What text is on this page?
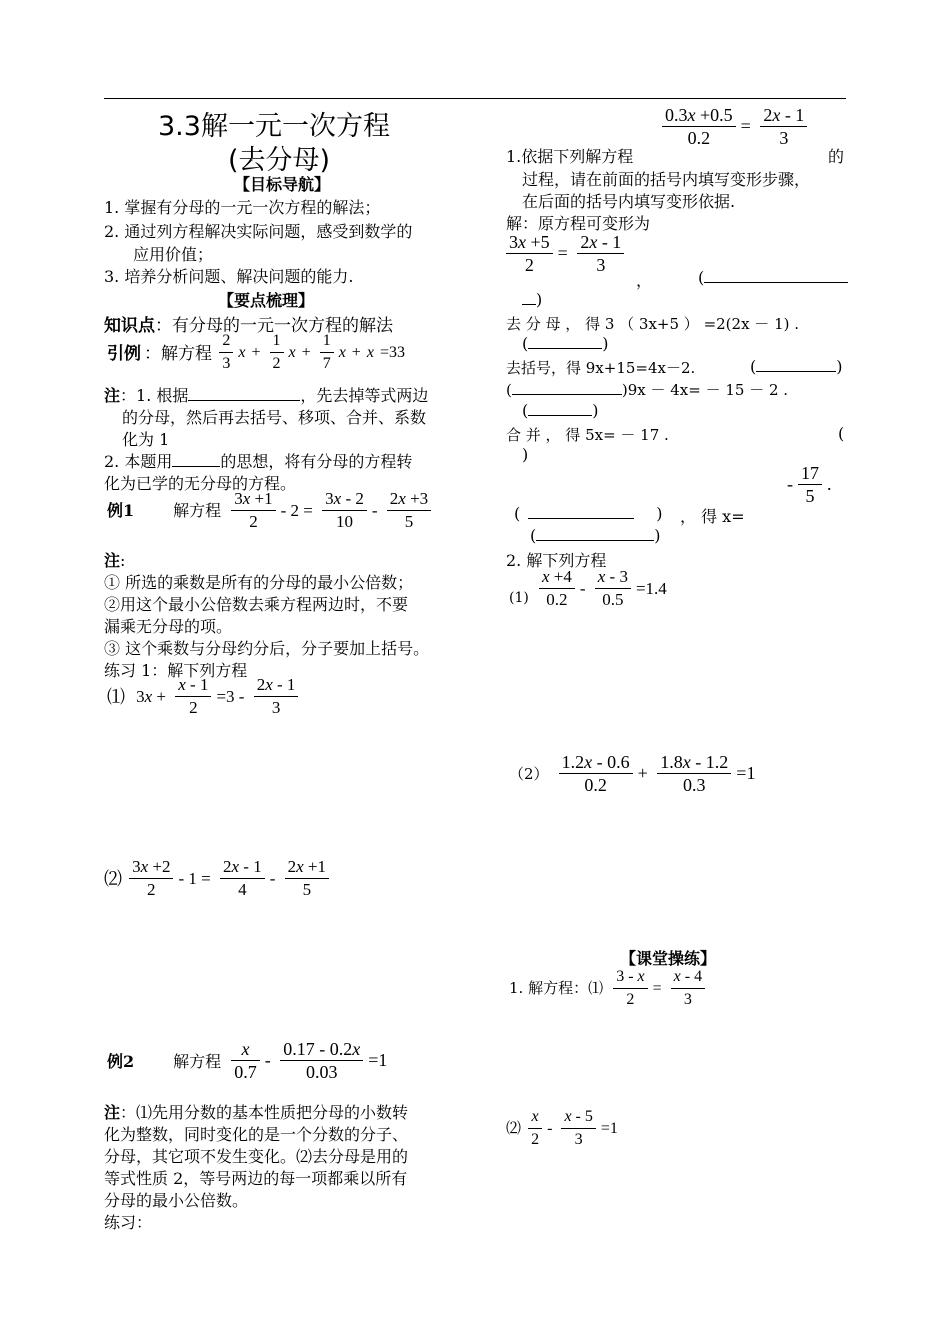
3.3解一元一次方程
(去分母)
【目标导航】
1. 掌握有分母的一元一次方程的解法；
2. 通过列方程解决实际问题，感受到数学的
应用价值；
3. 培养分析问题、解决问题的能力.
【要点梳理】
知识点：有分母的一元一次方程的解法
引例 ：解方程 $\frac{2}{3}$ $x + \frac{1}{2}$ $x + \frac{1}{7}$ x + x =33
注：1. 根据	，先去掉等式两边
的分母，然后再去括号、移项、合并、系数
化为 1
2. 本题用	的思想，将有分母的方程转
化为已学的无分母的方程。
例1 解方程 $\frac{3x +1}{2} - 2 = \frac{3x - 2}{10} - \frac{2x +3}{5}$
注:
① 所选的乘数是所有的分母的最小公倍数；
②用这个最小公倍数去乘方程两边时，不要
漏乘无分母的项。
③ 这个乘数与分母约分后，分子要加上括号。
练习 1：解下列方程
⑴ $3x + \frac{x - 1}{2} =3 - \frac{2x - 1}{3}$
⑵ $\frac{3x +2}{2} - 1 = \frac{2x - 1}{4} - \frac{2x +1}{5}$
例2 解方程 $\frac{x}{0.7} - \frac{0.17 - 0.2x}{0.03} =1$
注：⑴先用分数的基本性质把分母的小数转
化为整数，同时变化的是一个分数的分子、
分母，其它项不发生变化。⑵去分母是用的
等式性质 2，等号两边的每一项都乘以所有
分母的最小公倍数。
练习：
$\frac{0.3x +0.5}{0.2} = \frac{2x - 1}{3}$
1.依据下列解方程	的
过程，请在前面的括号内填写变形步骤，
在后面的括号内填写变形依据.
解：原方程可变形为
$\frac{3x +5}{2} = \frac{2x - 1}{3}$
，	(
)
去 分 母 ， 得 3 （ 3x+5 ） =2(2x － 1) .
(	)
去括号，得 9x+15=4x－2.	(	)
(	)9x － 4x= － 15 － 2 .
(	)
合 并 ， 得 5x= － 17 .	(
)
(	) ， 得 x=
- $\frac{17}{5}$ .
(	)
2. 解下列方程
$(1) \frac{x +4}{0.2} - \frac{x - 3}{0.5} =1.4$
$(2) \frac{1.2x - 0.6}{0.2} + \frac{1.8x - 1.2}{0.3} =1$
【课堂操练】
1. 解方程：⑴ $\frac{3 - x}{2} = \frac{x - 4}{3}$
⑵ $\frac{x}{2} - \frac{x - 5}{3} =1$
